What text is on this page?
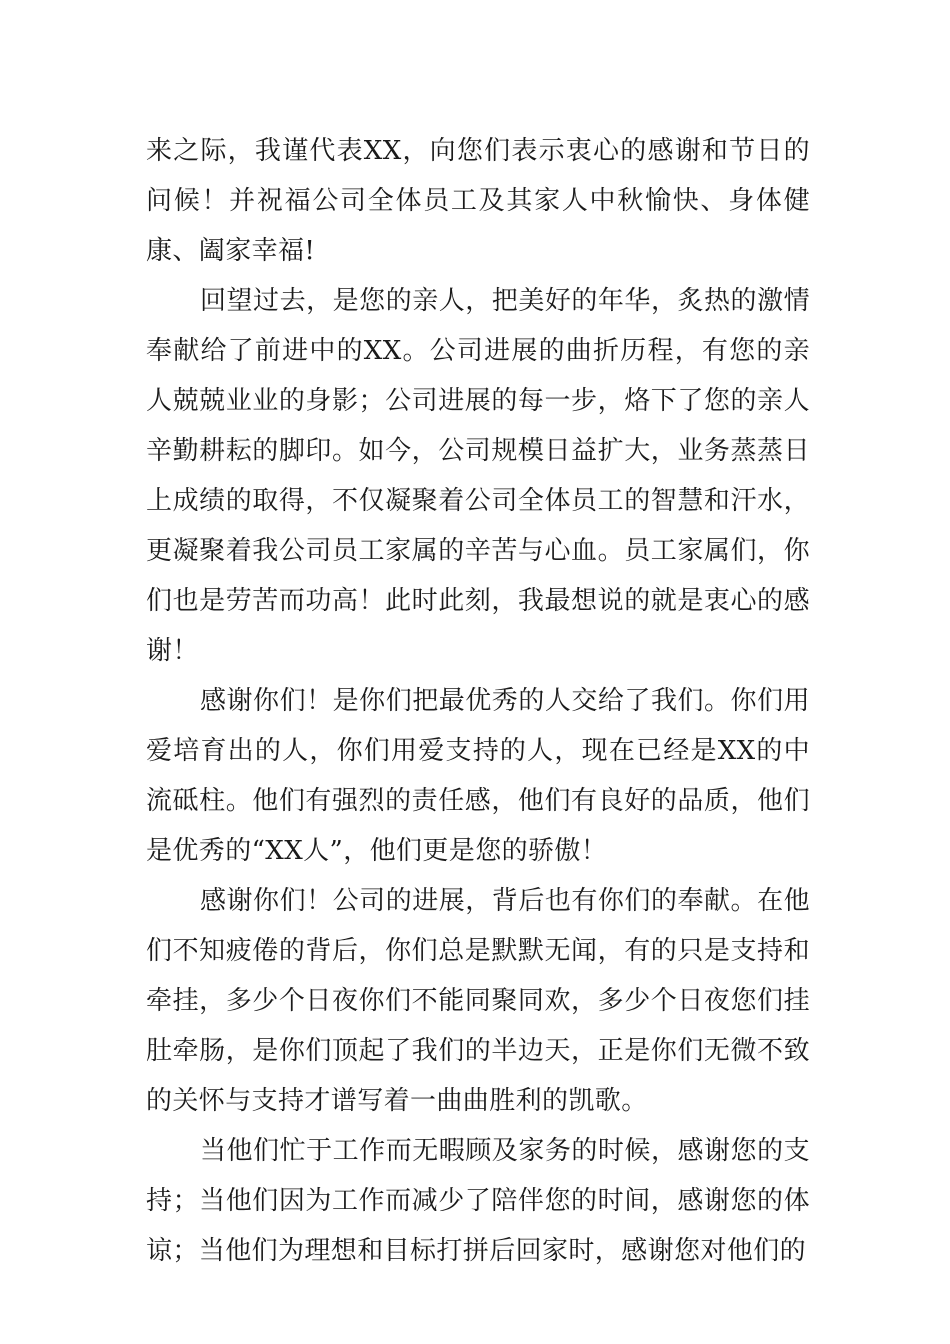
来之际，我谨代表XX，向您们表示衷心的感谢和节日的问候！并祝福公司全体员工及其家人中秋愉快、身体健康、阖家幸福!

回望过去，是您的亲人，把美好的年华，炙热的激情奉献给了前进中的XX。公司进展的曲折历程，有您的亲人兢兢业业的身影；公司进展的每一步，烙下了您的亲人辛勤耕耘的脚印。如今，公司规模日益扩大，业务蒸蒸日上成绩的取得，不仅凝聚着公司全体员工的智慧和汗水，更凝聚着我公司员工家属的辛苦与心血。员工家属们，你们也是劳苦而功高！此时此刻，我最想说的就是衷心的感谢！

感谢你们！是你们把最优秀的人交给了我们。你们用爱培育出的人，你们用爱支持的人，现在已经是XX的中流砥柱。他们有强烈的责任感，他们有良好的品质，他们是优秀的“XX人”，他们更是您的骄傲！

感谢你们！公司的进展，背后也有你们的奉献。在他们不知疲倦的背后，你们总是默默无闻，有的只是支持和牵挂，多少个日夜你们不能同聚同欢，多少个日夜您们挂肚牵肠，是你们顶起了我们的半边天，正是你们无微不致的关怀与支持才谱写着一曲曲胜利的凯歌。

当他们忙于工作而无暇顾及家务的时候，感谢您的支持；当他们因为工作而减少了陪伴您的时间，感谢您的体谅；当他们为理想和目标打拼后回家时，感谢您对他们的
